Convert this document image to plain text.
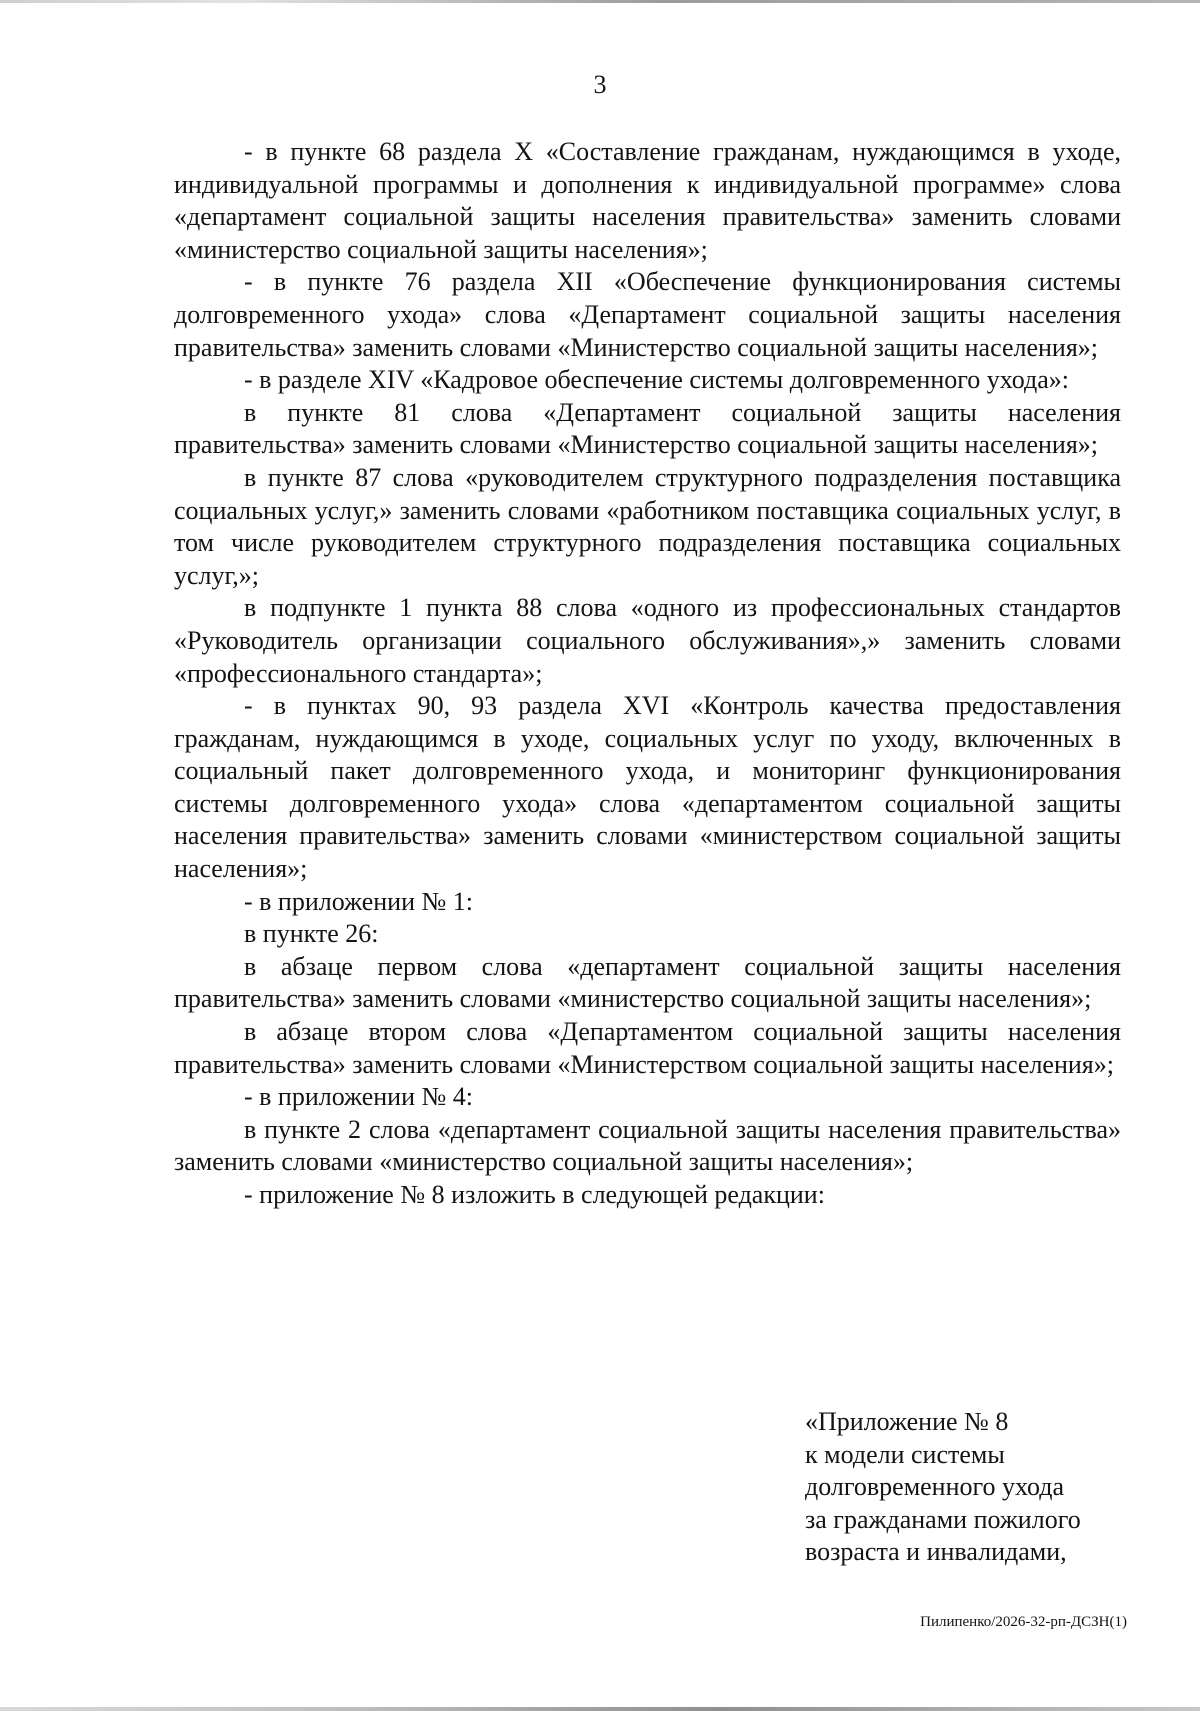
3

- в пункте 68 раздела X «Составление гражданам, нуждающимся в уходе, индивидуальной программы и дополнения к индивидуальной программе» слова «департамент социальной защиты населения правительства» заменить словами «министерство социальной защиты населения»;

- в пункте 76 раздела XII «Обеспечение функционирования системы долговременного ухода» слова «Департамент социальной защиты населения правительства» заменить словами «Министерство социальной защиты населения»;

- в разделе XIV «Кадровое обеспечение системы долговременного ухода»:

в пункте 81 слова «Департамент социальной защиты населения правительства» заменить словами «Министерство социальной защиты населения»;

в пункте 87 слова «руководителем структурного подразделения поставщика социальных услуг,» заменить словами «работником поставщика социальных услуг, в том числе руководителем структурного подразделения поставщика социальных услуг,»;

в подпункте 1 пункта 88 слова «одного из профессиональных стандартов «Руководитель организации социального обслуживания»,» заменить словами «профессионального стандарта»;

- в пунктах 90, 93 раздела XVI «Контроль качества предоставления гражданам, нуждающимся в уходе, социальных услуг по уходу, включенных в социальный пакет долговременного ухода, и мониторинг функционирования системы долговременного ухода» слова «департаментом социальной защиты населения правительства» заменить словами «министерством социальной защиты населения»;

- в приложении № 1:

в пункте 26:

в абзаце первом слова «департамент социальной защиты населения правительства» заменить словами «министерство социальной защиты населения»;

в абзаце втором слова «Департаментом социальной защиты населения правительства» заменить словами «Министерством социальной защиты населения»;

- в приложении № 4:

в пункте 2 слова «департамент социальной защиты населения правительства» заменить словами «министерство социальной защиты населения»;

- приложение № 8 изложить в следующей редакции:

«Приложение № 8
к модели системы
долговременного ухода
за гражданами пожилого
возраста и инвалидами,
Пилипенко/2026-32-рп-ДСЗН(1)
